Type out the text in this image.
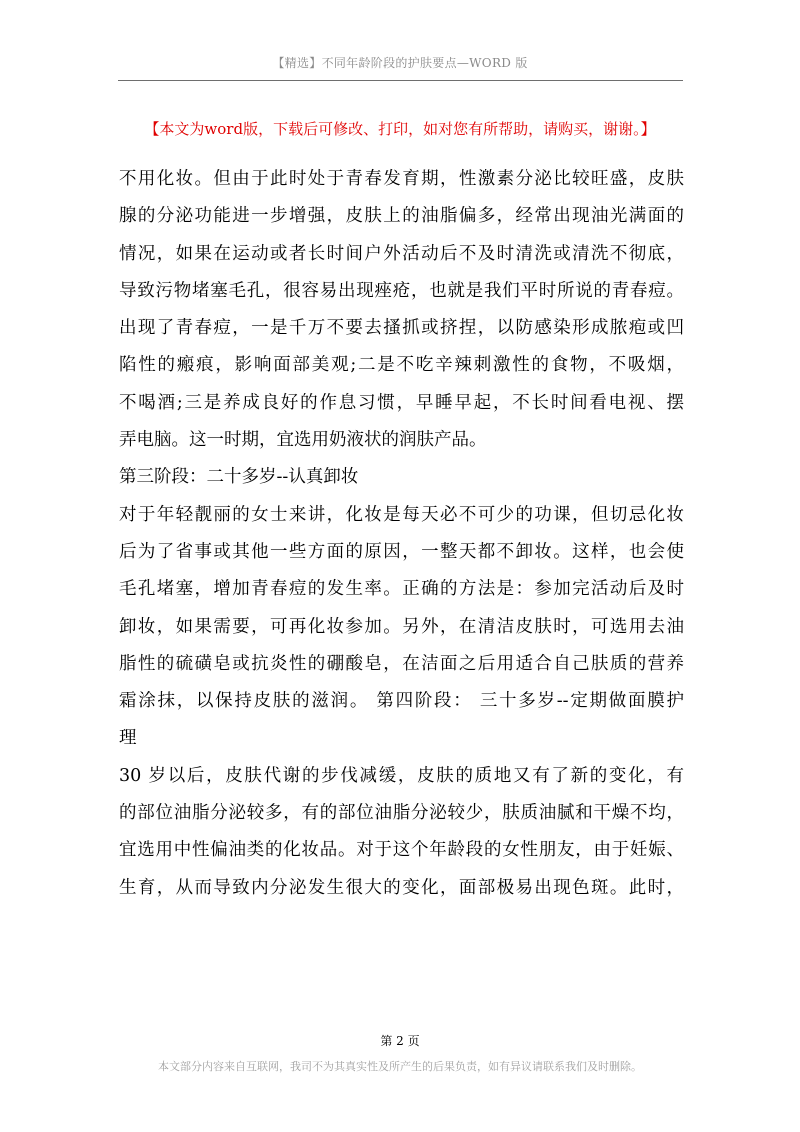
【精选】不同年龄阶段的护肤要点—WORD 版
【本文为word版，下载后可修改、打印，如对您有所帮助，请购买，谢谢。】
不用化妆。但由于此时处于青春发育期，性激素分泌比较旺盛，皮肤
腺的分泌功能进一步增强，皮肤上的油脂偏多，经常出现油光满面的
情况，如果在运动或者长时间户外活动后不及时清洗或清洗不彻底，
导致污物堵塞毛孔，很容易出现痤疮，也就是我们平时所说的青春痘。
出现了青春痘，一是千万不要去搔抓或挤捏，以防感染形成脓疱或凹
陷性的瘢痕，影响面部美观;二是不吃辛辣刺激性的食物，不吸烟，
不喝酒;三是养成良好的作息习惯，早睡早起，不长时间看电视、摆
弄电脑。这一时期，宜选用奶液状的润肤产品。
第三阶段：二十多岁--认真卸妆
对于年轻靓丽的女士来讲，化妆是每天必不可少的功课，但切忌化妆
后为了省事或其他一些方面的原因，一整天都不卸妆。这样，也会使
毛孔堵塞，增加青春痘的发生率。正确的方法是：参加完活动后及时
卸妆，如果需要，可再化妆参加。另外，在清洁皮肤时，可选用去油
脂性的硫磺皂或抗炎性的硼酸皂，在洁面之后用适合自己肤质的营养
霜涂抹，以保持皮肤的滋润。 第四阶段： 三十多岁--定期做面膜护
理
30 岁以后，皮肤代谢的步伐减缓，皮肤的质地又有了新的变化，有
的部位油脂分泌较多，有的部位油脂分泌较少，肤质油腻和干燥不均，
宜选用中性偏油类的化妆品。对于这个年龄段的女性朋友，由于妊娠、
生育，从而导致内分泌发生很大的变化，面部极易出现色斑。此时，
第 2 页
本文部分内容来自互联网，我司不为其真实性及所产生的后果负责，如有异议请联系我们及时删除。
